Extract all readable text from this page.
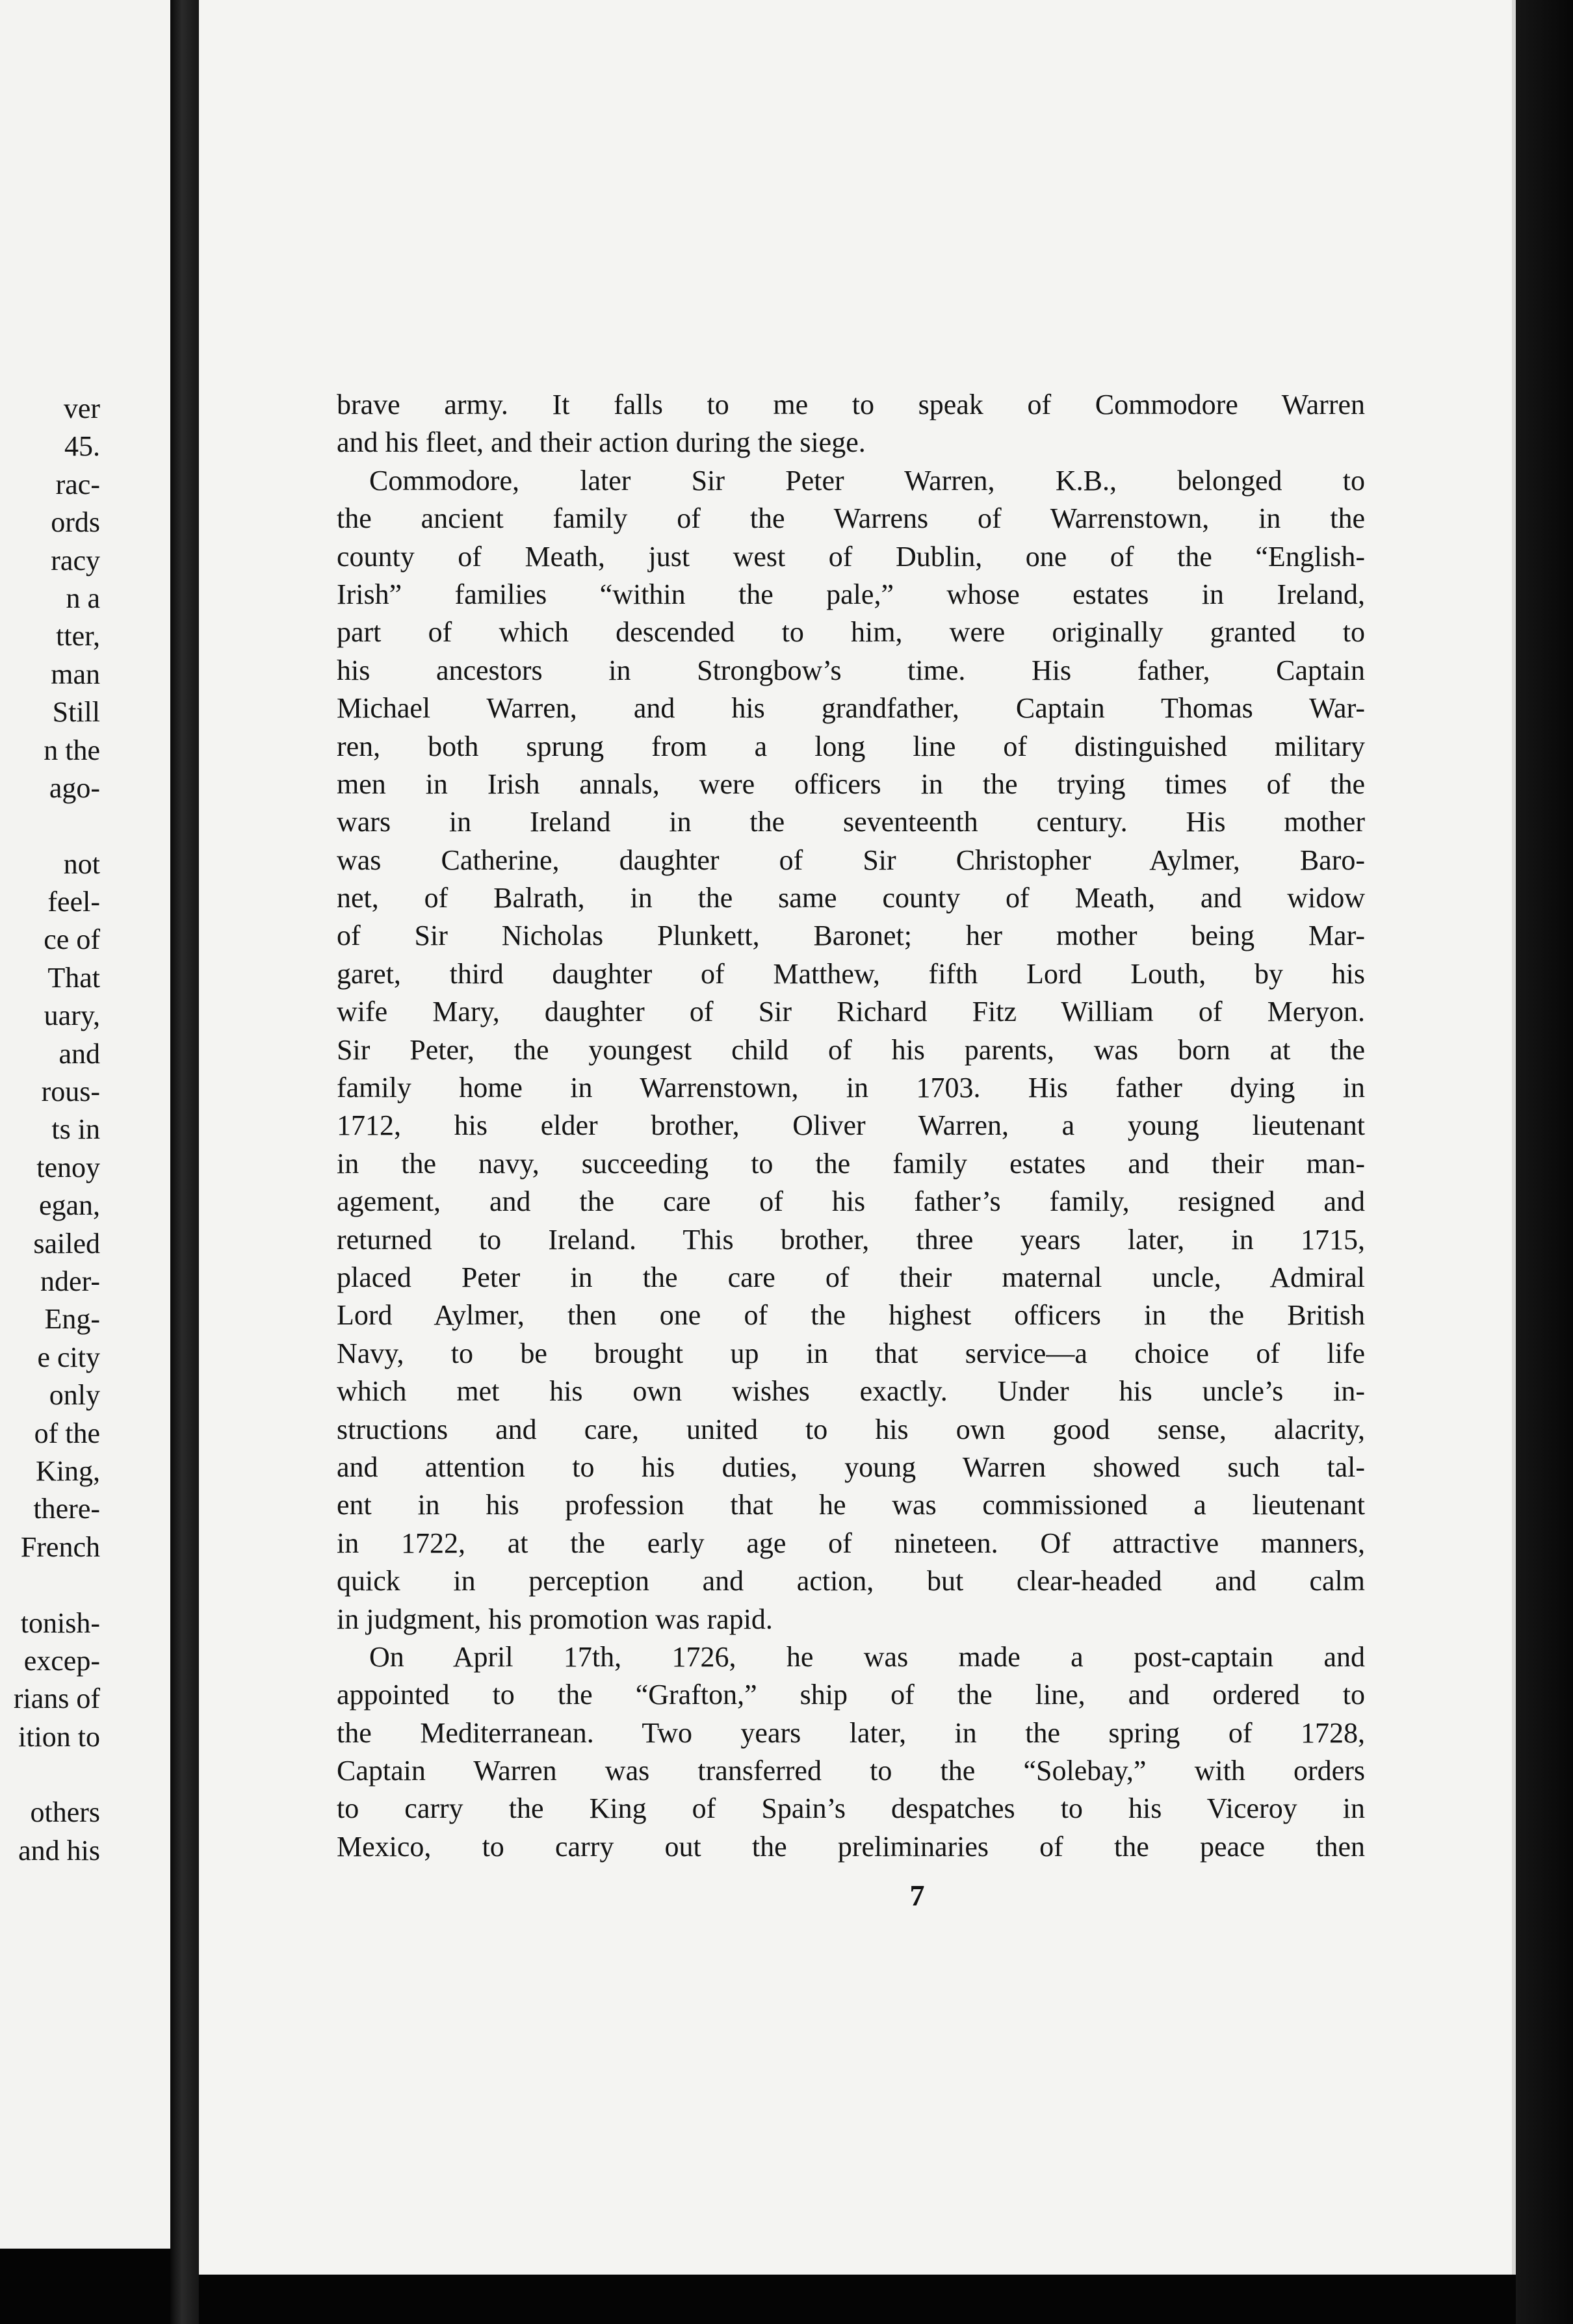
ver
45.
rac-
ords
racy
n a
tter,
man
Still
n the
ago-
not
feel-
ce of
That
uary,
and
rous-
ts in
tenoy
egan,
sailed
nder-
Eng-
e city
only
of the
King,
there-
French
tonish-
excep-
rians of
ition to
others
and his
brave army. It falls to me to speak of Commodore Warren
and his fleet, and their action during the siege.
Commodore, later Sir Peter Warren, K.B., belonged to
the ancient family of the Warrens of Warrenstown, in the
county of Meath, just west of Dublin, one of the “English-
Irish” families “within the pale,” whose estates in Ireland,
part of which descended to him, were originally granted to
his ancestors in Strongbow’s time. His father, Captain
Michael Warren, and his grandfather, Captain Thomas War-
ren, both sprung from a long line of distinguished military
men in Irish annals, were officers in the trying times of the
wars in Ireland in the seventeenth century. His mother
was Catherine, daughter of Sir Christopher Aylmer, Baro-
net, of Balrath, in the same county of Meath, and widow
of Sir Nicholas Plunkett, Baronet; her mother being Mar-
garet, third daughter of Matthew, fifth Lord Louth, by his
wife Mary, daughter of Sir Richard Fitz William of Meryon.
Sir Peter, the youngest child of his parents, was born at the
family home in Warrenstown, in 1703. His father dying in
1712, his elder brother, Oliver Warren, a young lieutenant
in the navy, succeeding to the family estates and their man-
agement, and the care of his father’s family, resigned and
returned to Ireland. This brother, three years later, in 1715,
placed Peter in the care of their maternal uncle, Admiral
Lord Aylmer, then one of the highest officers in the British
Navy, to be brought up in that service—a choice of life
which met his own wishes exactly. Under his uncle’s in-
structions and care, united to his own good sense, alacrity,
and attention to his duties, young Warren showed such tal-
ent in his profession that he was commissioned a lieutenant
in 1722, at the early age of nineteen. Of attractive manners,
quick in perception and action, but clear-headed and calm
in judgment, his promotion was rapid.
On April 17th, 1726, he was made a post-captain and
appointed to the “Grafton,” ship of the line, and ordered to
the Mediterranean. Two years later, in the spring of 1728,
Captain Warren was transferred to the “Solebay,” with orders
to carry the King of Spain’s despatches to his Viceroy in
Mexico, to carry out the preliminaries of the peace then
7
